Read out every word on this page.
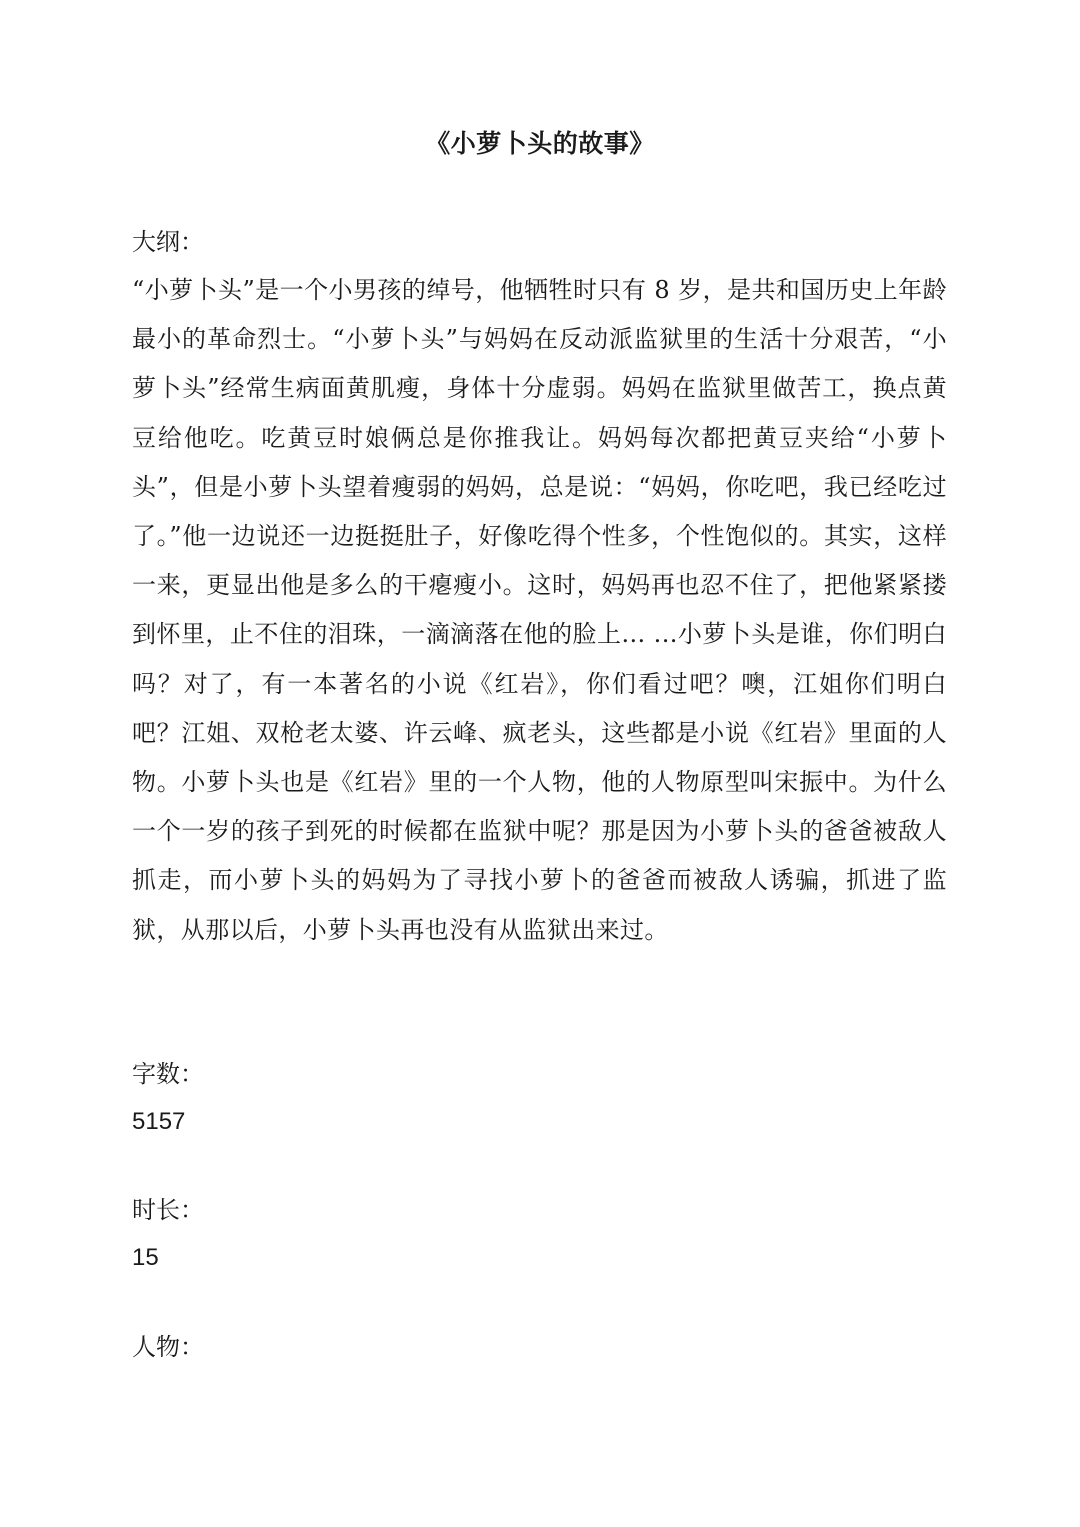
《小萝卜头的故事》

大纲：

“小萝卜头”是一个小男孩的绰号，他牺牲时只有 8 岁，是共和国历史上年龄最小的革命烈士。“小萝卜头”与妈妈在反动派监狱里的生活十分艰苦，“小萝卜头”经常生病面黄肌瘦，身体十分虚弱。妈妈在监狱里做苦工，换点黄豆给他吃。吃黄豆时娘俩总是你推我让。妈妈每次都把黄豆夹给“小萝卜头”，但是小萝卜头望着瘦弱的妈妈，总是说：“妈妈，你吃吧，我已经吃过了。”他一边说还一边挺挺肚子，好像吃得个性多，个性饱似的。其实，这样一来，更显出他是多么的干瘪瘦小。这时，妈妈再也忍不住了，把他紧紧搂到怀里，止不住的泪珠，一滴滴落在他的脸上... ...小萝卜头是谁，你们明白吗？对了，有一本著名的小说《红岩》，你们看过吧？噢，江姐你们明白吧？江姐、双枪老太婆、许云峰、疯老头，这些都是小说《红岩》里面的人物。小萝卜头也是《红岩》里的一个人物，他的人物原型叫宋振中。为什么一个一岁的孩子到死的时候都在监狱中呢？那是因为小萝卜头的爸爸被敌人抓走，而小萝卜头的妈妈为了寻找小萝卜的爸爸而被敌人诱骗，抓进了监狱，从那以后，小萝卜头再也没有从监狱出来过。

字数：

5157

时长：

15

人物：
